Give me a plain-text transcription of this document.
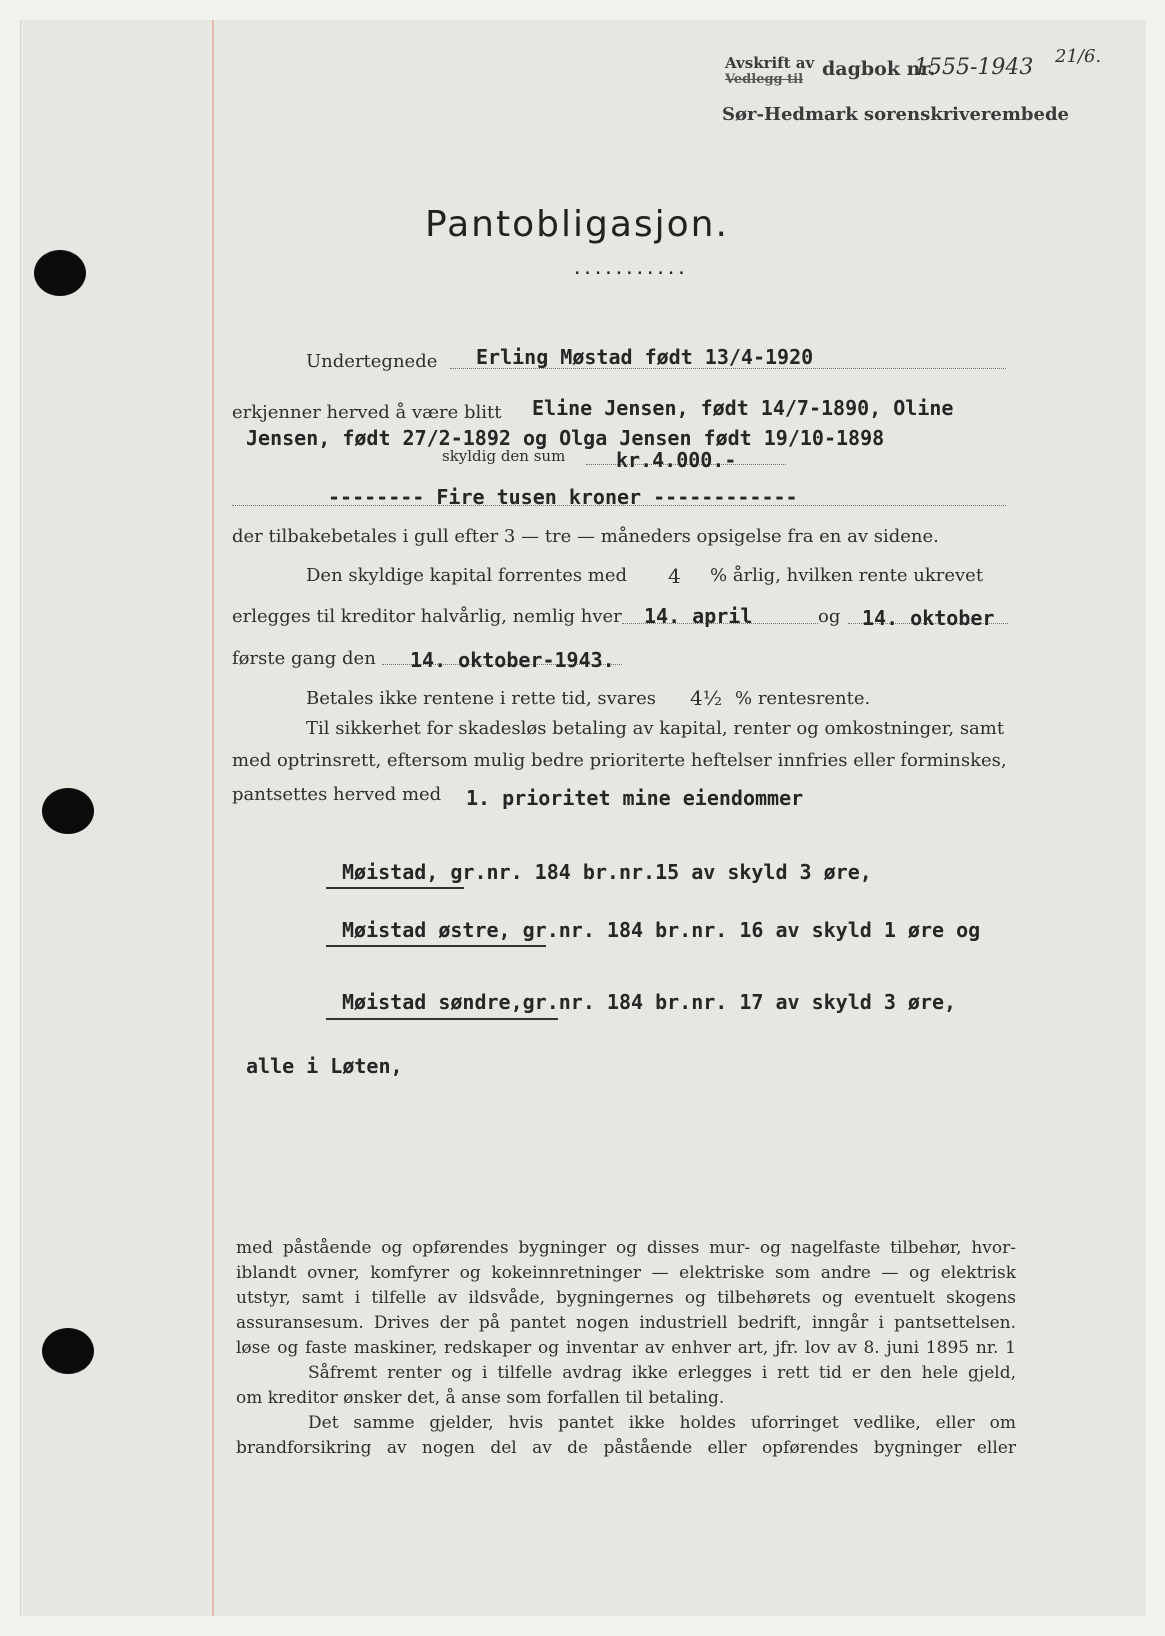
Avskrift av
Vedlegg til dagbok nr.
1555-1943 21/6.
Sør-Hedmark sorenskriverembede
Pantobligasjon.
...........
Undertegnede Erling Møstad født 13/4-1920
erkjenner herved å være blitt Eline Jensen, født 14/7-1890, Oline
Jensen, født 27/2-1892 og Olga Jensen født 19/10-1898
skyldig den sum	kr.4.000.-
-------- Fire tusen kroner ------------
der tilbakebetales i gull efter 3 — tre — måneders opsigelse fra en av sidene.
Den skyldige kapital forrentes med 4 % årlig, hvilken rente ukrevet
erlegges til kreditor halvårlig, nemlig hver 14. april	og 14. oktober
første gang den 14. oktober-1943.
Betales ikke rentene i rette tid, svares 4½ % rentesrente.
Til sikkerhet for skadesløs betaling av kapital, renter og omkostninger, samt
med optrinsrett, eftersom mulig bedre prioriterte heftelser innfries eller forminskes,
pantsettes herved med 1. prioritet mine eiendommer
Møistad, gr.nr. 184 br.nr.15 av skyld 3 øre,
Møistad østre, gr.nr. 184 br.nr. 16 av skyld 1 øre og
Møistad søndre,gr.nr. 184 br.nr. 17 av skyld 3 øre,
alle i Løten,
med påstående og opførendes bygninger og disses mur- og nagelfaste tilbehør, hvor-
iblandt ovner, komfyrer og kokeinnretninger — elektriske som andre — og elektrisk
utstyr, samt i tilfelle av ildsvåde, bygningernes og tilbehørets og eventuelt skogens
assuransesum. Drives der på pantet nogen industriell bedrift, inngår i pantsettelsen.
løse og faste maskiner, redskaper og inventar av enhver art, jfr. lov av 8. juni 1895 nr. 1
Såfremt renter og i tilfelle avdrag ikke erlegges i rett tid er den hele gjeld,
om kreditor ønsker det, å anse som forfallen til betaling.
Det samme gjelder, hvis pantet ikke holdes uforringet vedlike, eller om
brandforsikring av nogen del av de påstående eller opførendes bygninger eller
